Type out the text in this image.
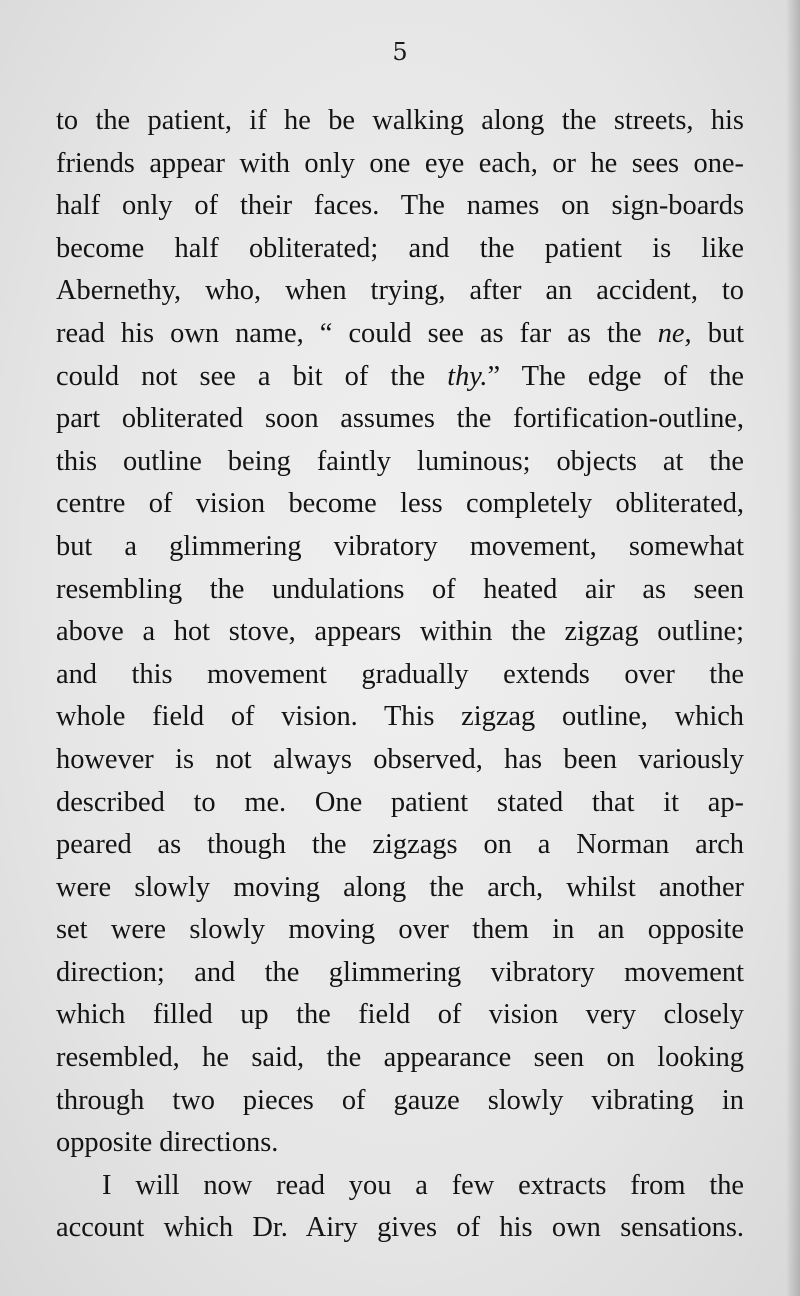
5
to the patient, if he be walking along the streets, his
friends appear with only one eye each, or he sees one-
half only of their faces. The names on sign-boards
become half obliterated; and the patient is like
Abernethy, who, when trying, after an accident, to
read his own name, “ could see as far as the ne, but
could not see a bit of the thy.” The edge of the
part obliterated soon assumes the fortification-outline,
this outline being faintly luminous; objects at the
centre of vision become less completely obliterated,
but a glimmering vibratory movement, somewhat
resembling the undulations of heated air as seen
above a hot stove, appears within the zigzag outline;
and this movement gradually extends over the
whole field of vision. This zigzag outline, which
however is not always observed, has been variously
described to me. One patient stated that it ap-
peared as though the zigzags on a Norman arch
were slowly moving along the arch, whilst another
set were slowly moving over them in an opposite
direction; and the glimmering vibratory movement
which filled up the field of vision very closely
resembled, he said, the appearance seen on looking
through two pieces of gauze slowly vibrating in
opposite directions.
I will now read you a few extracts from the
account which Dr. Airy gives of his own sensations.
